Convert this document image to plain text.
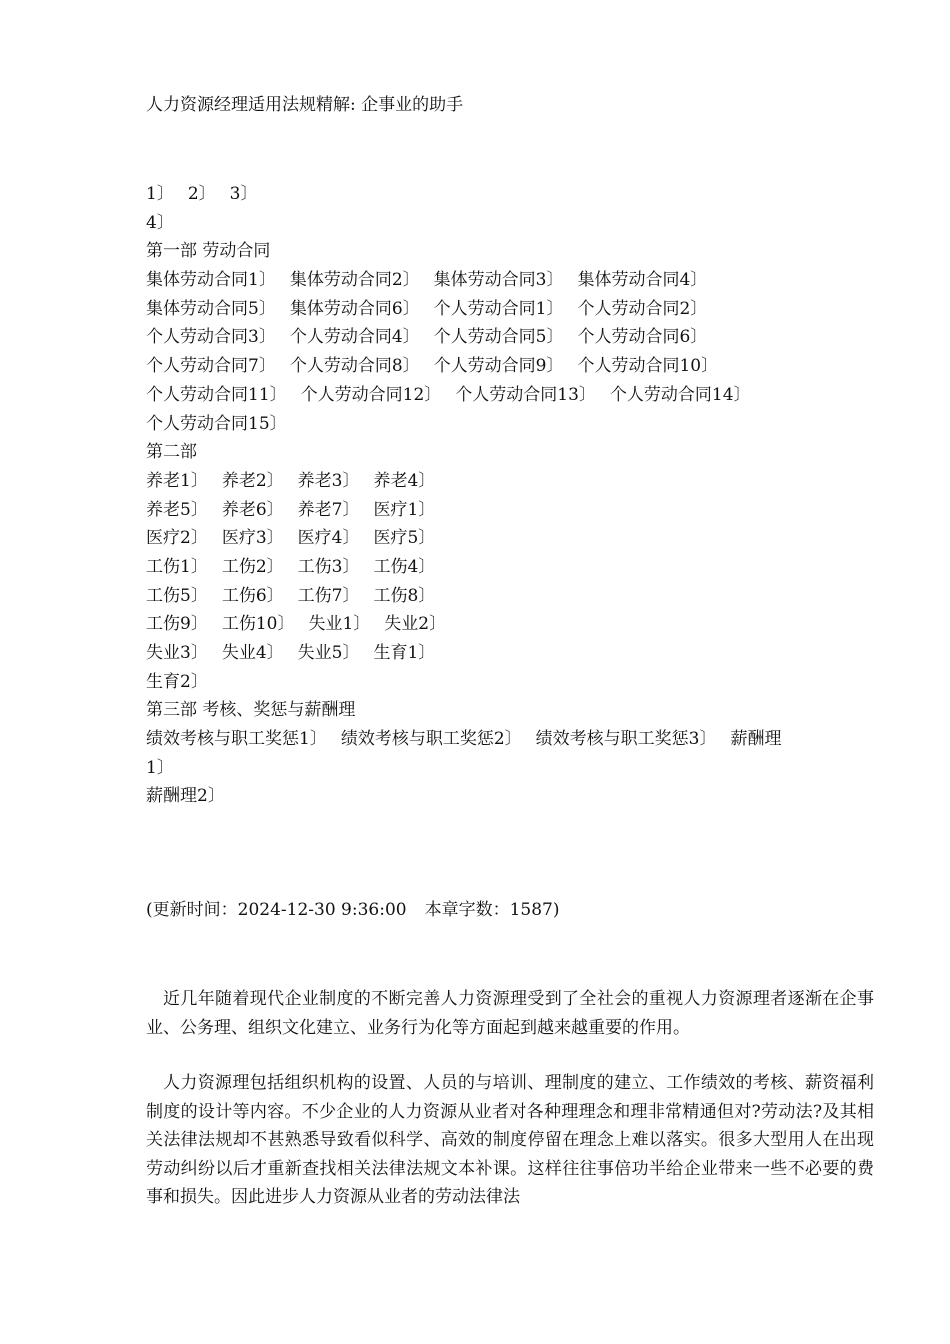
人力资源经理适用法规精解: 企事业的助手
1〕 2〕 3〕
4〕
第一部 劳动合同
集体劳动合同1〕 集体劳动合同2〕 集体劳动合同3〕 集体劳动合同4〕
集体劳动合同5〕 集体劳动合同6〕 个人劳动合同1〕 个人劳动合同2〕
个人劳动合同3〕 个人劳动合同4〕 个人劳动合同5〕 个人劳动合同6〕
个人劳动合同7〕 个人劳动合同8〕 个人劳动合同9〕 个人劳动合同10〕
个人劳动合同11〕 个人劳动合同12〕 个人劳动合同13〕 个人劳动合同14〕
个人劳动合同15〕
第二部
养老1〕 养老2〕 养老3〕 养老4〕
养老5〕 养老6〕 养老7〕 医疗1〕
医疗2〕 医疗3〕 医疗4〕 医疗5〕
工伤1〕 工伤2〕 工伤3〕 工伤4〕
工伤5〕 工伤6〕 工伤7〕 工伤8〕
工伤9〕 工伤10〕 失业1〕 失业2〕
失业3〕 失业4〕 失业5〕 生育1〕
生育2〕
第三部 考核、奖惩与薪酬理
绩效考核与职工奖惩1〕 绩效考核与职工奖惩2〕 绩效考核与职工奖惩3〕 薪酬理
1〕
薪酬理2〕
(更新时间：2024-12-30 9:36:00 本章字数：1587)

近几年随着现代企业制度的不断完善人力资源理受到了全社会的重视人力资源理者逐渐在企事业、公务理、组织文化建立、业务行为化等方面起到越来越重要的作用。

人力资源理包括组织机构的设置、人员的与培训、理制度的建立、工作绩效的考核、薪资福利制度的设计等内容。不少企业的人力资源从业者对各种理理念和理非常精通但对?劳动法?及其相关法律法规却不甚熟悉导致看似科学、高效的制度停留在理念上难以落实。很多大型用人在出现劳动纠纷以后才重新查找相关法律法规文本补课。这样往往事倍功半给企业带来一些不必要的费事和损失。因此进步人力资源从业者的劳动法律法
